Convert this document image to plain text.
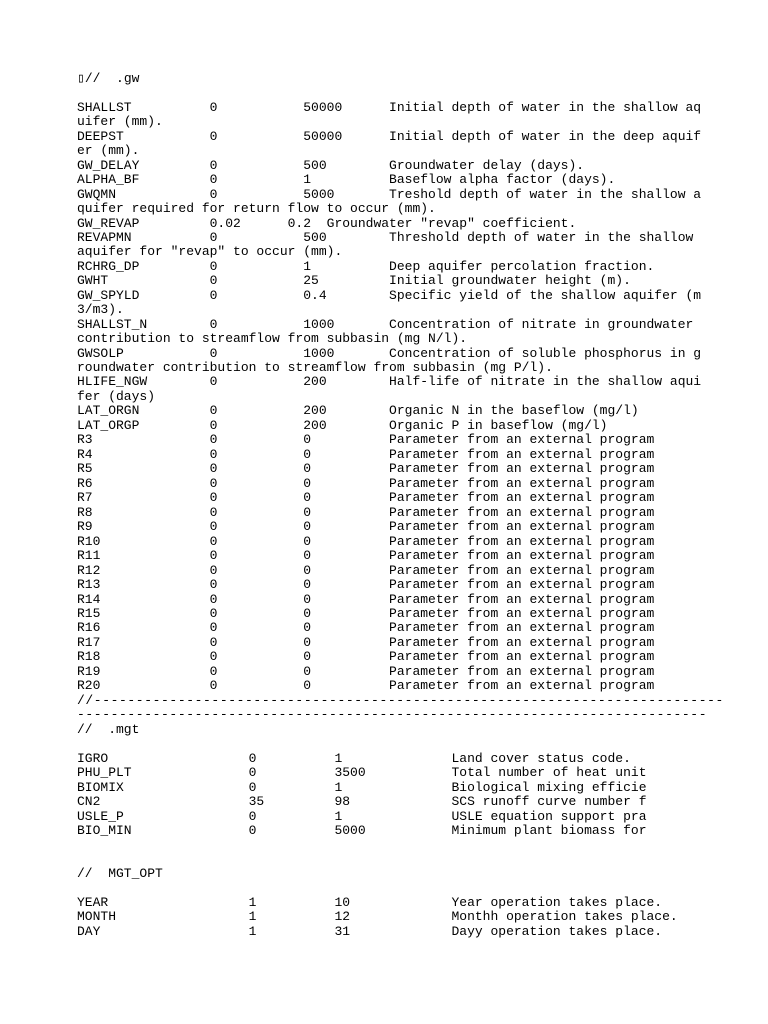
▯//  .gw
SHALLST          0           50000      Initial depth of water in the shallow aq
uifer (mm).
DEEPST           0           50000      Initial depth of water in the deep aquif
er (mm).
GW_DELAY         0           500        Groundwater delay (days).
ALPHA_BF         0           1          Baseflow alpha factor (days).
GWQMN            0           5000       Treshold depth of water in the shallow a
quifer required for return flow to occur (mm).
GW_REVAP         0.02      0.2  Groundwater "revap" coefficient.
REVAPMN          0           500        Threshold depth of water in the shallow
aquifer for "revap" to occur (mm).
RCHRG_DP         0           1          Deep aquifer percolation fraction.
GWHT             0           25         Initial groundwater height (m).
GW_SPYLD         0           0.4        Specific yield of the shallow aquifer (m
3/m3).
SHALLST_N        0           1000       Concentration of nitrate in groundwater
contribution to streamflow from subbasin (mg N/l).
GWSOLP           0           1000       Concentration of soluble phosphorus in g
roundwater contribution to streamflow from subbasin (mg P/l).
HLIFE_NGW        0           200        Half-life of nitrate in the shallow aqui
fer (days)
LAT_ORGN         0           200        Organic N in the baseflow (mg/l)
LAT_ORGP         0           200        Organic P in baseflow (mg/l)
R3               0           0          Parameter from an external program
R4               0           0          Parameter from an external program
R5               0           0          Parameter from an external program
R6               0           0          Parameter from an external program
R7               0           0          Parameter from an external program
R8               0           0          Parameter from an external program
R9               0           0          Parameter from an external program
R10              0           0          Parameter from an external program
R11              0           0          Parameter from an external program
R12              0           0          Parameter from an external program
R13              0           0          Parameter from an external program
R14              0           0          Parameter from an external program
R15              0           0          Parameter from an external program
R16              0           0          Parameter from an external program
R17              0           0          Parameter from an external program
R18              0           0          Parameter from an external program
R19              0           0          Parameter from an external program
R20              0           0          Parameter from an external program
//---------------------------------------------------------------------------
---------------------------------------------------------------------------
//  .mgt
IGRO                  0          1              Land cover status code.
PHU_PLT               0          3500           Total number of heat unit
BIOMIX                0          1              Biological mixing efficie
CN2                   35         98             SCS runoff curve number f
USLE_P                0          1              USLE equation support pra
BIO_MIN               0          5000           Minimum plant biomass for
//  MGT_OPT
YEAR                  1          10             Year operation takes place.
MONTH                 1          12             Monthh operation takes place.
DAY                   1          31             Dayy operation takes place.
